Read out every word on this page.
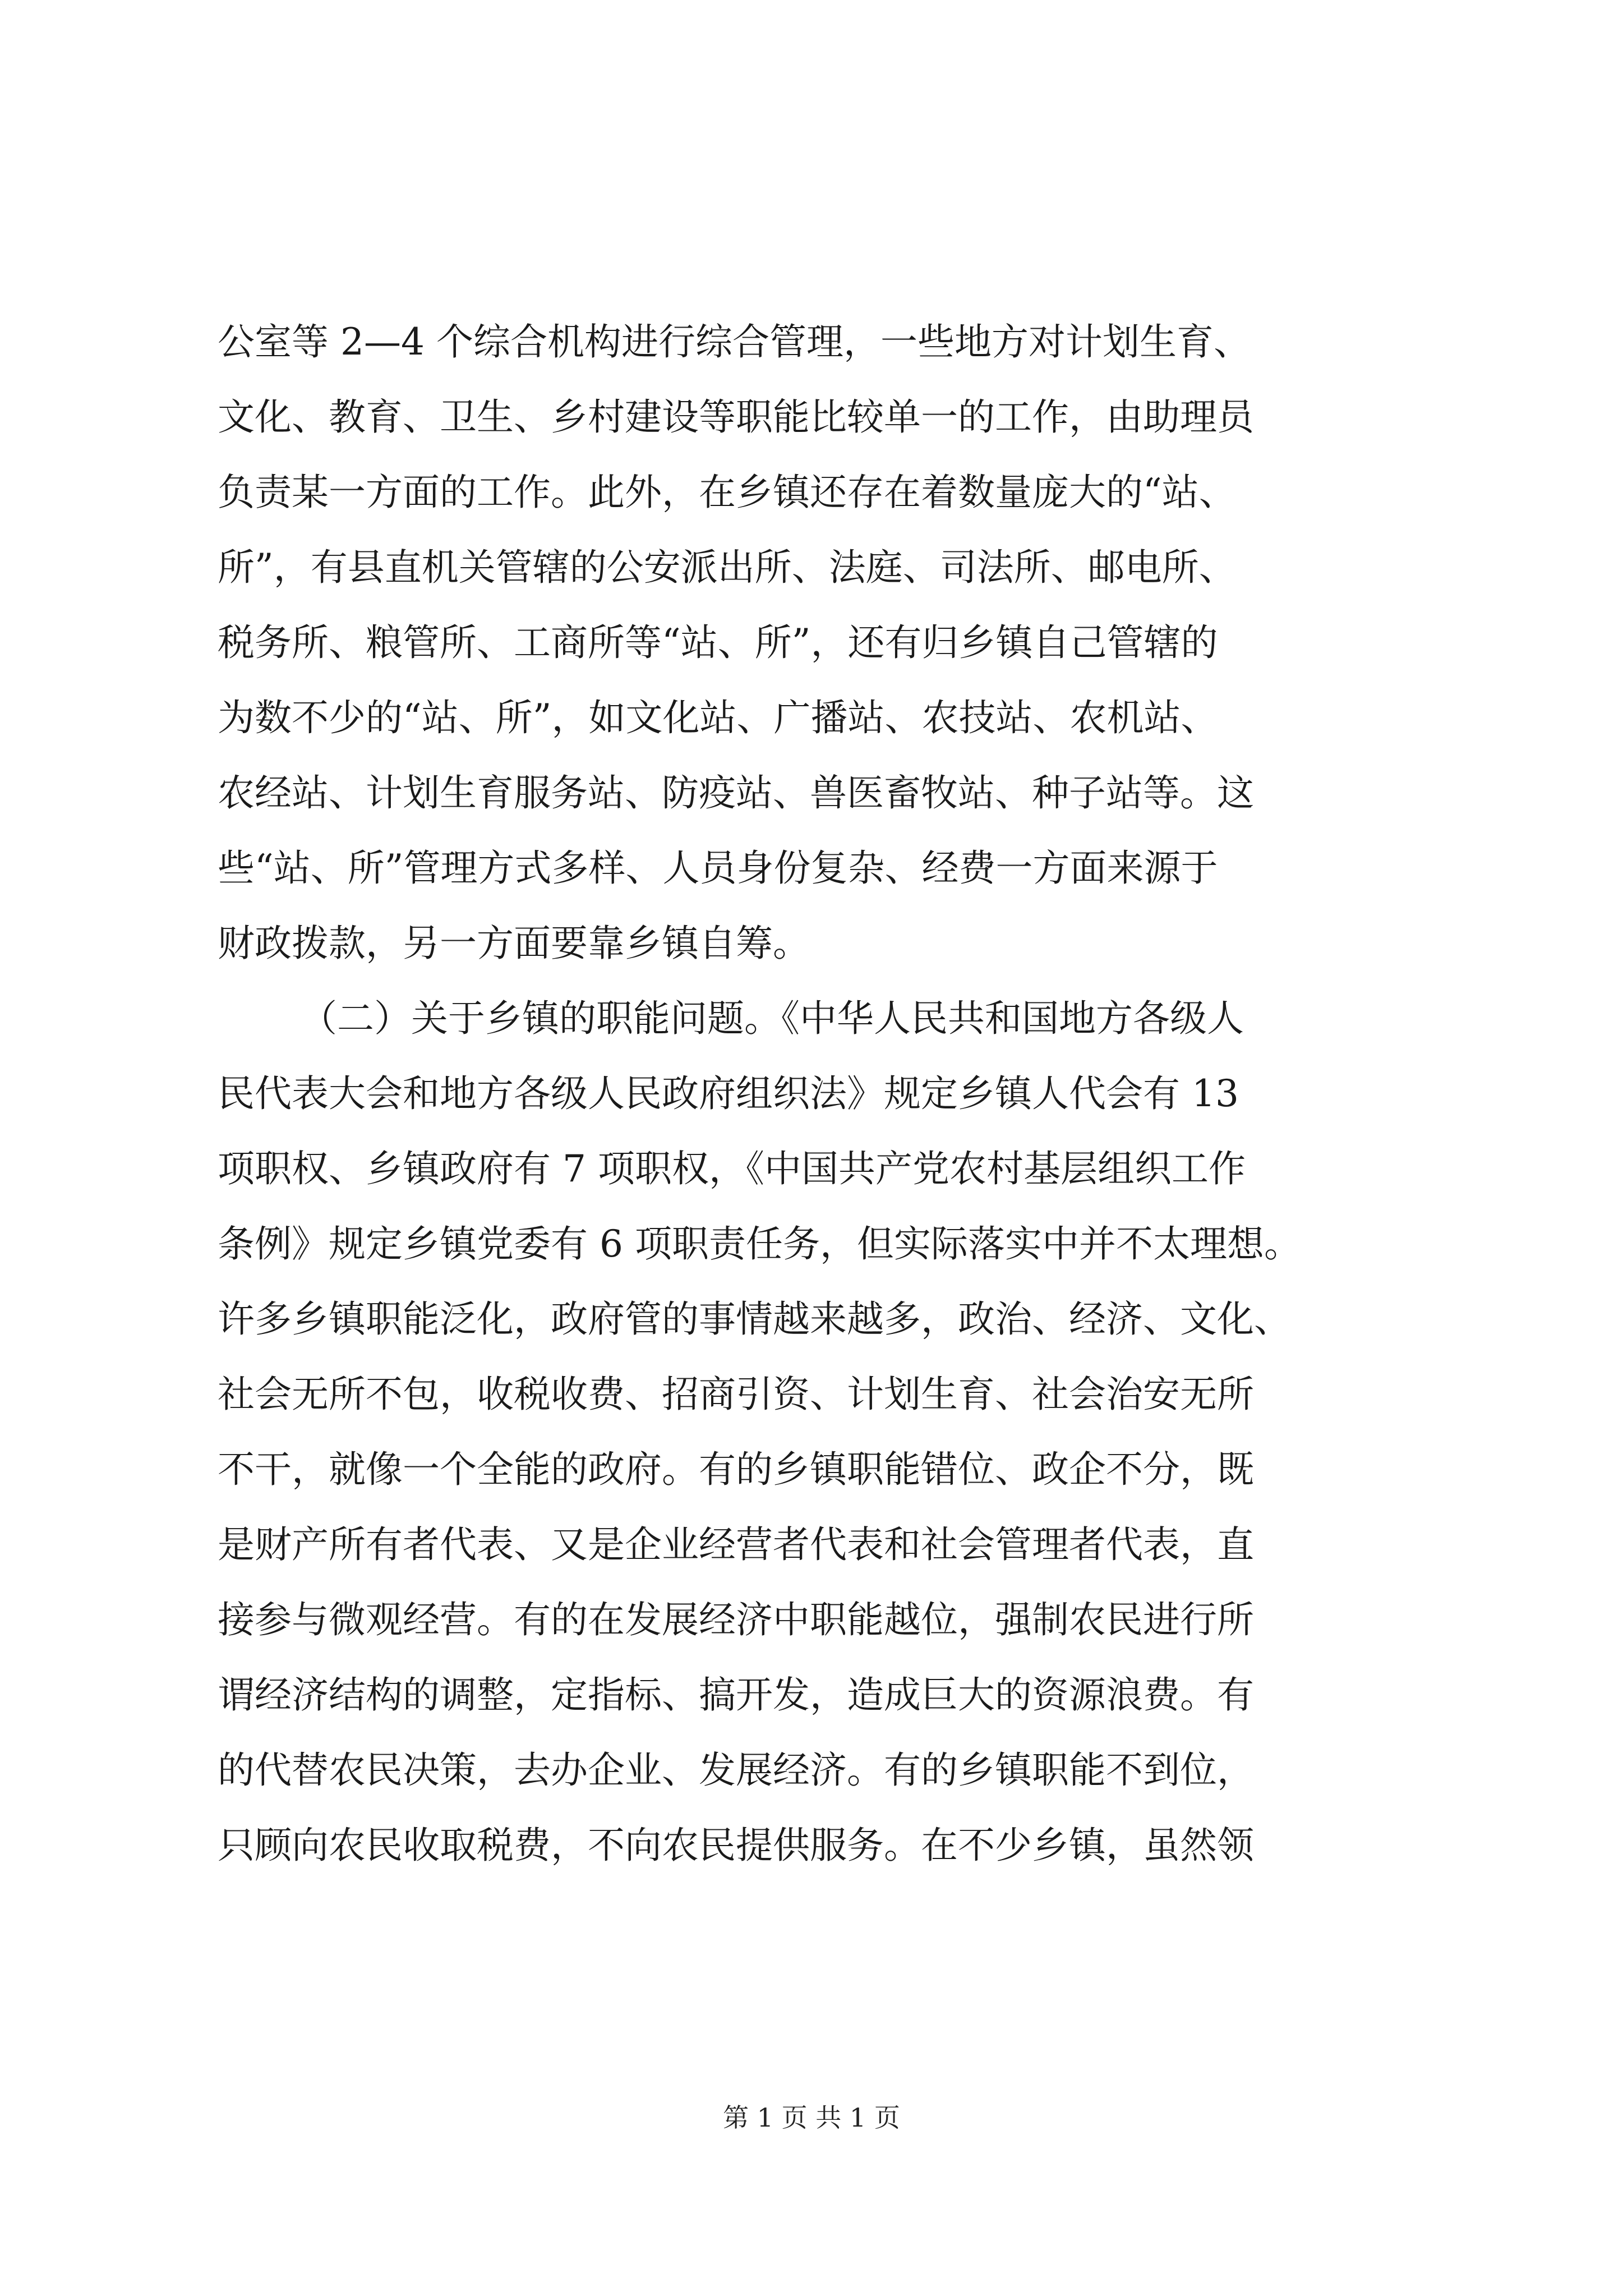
公室等 2—4 个综合机构进行综合管理，一些地方对计划生育、
文化、教育、卫生、乡村建设等职能比较单一的工作，由助理员
负责某一方面的工作。此外，在乡镇还存在着数量庞大的“站、
所”，有县直机关管辖的公安派出所、法庭、司法所、邮电所、
税务所、粮管所、工商所等“站、所”，还有归乡镇自己管辖的
为数不少的“站、所”，如文化站、广播站、农技站、农机站、
农经站、计划生育服务站、防疫站、兽医畜牧站、种子站等。这
些“站、所”管理方式多样、人员身份复杂、经费一方面来源于
财政拨款，另一方面要靠乡镇自筹。
（二）关于乡镇的职能问题。《中华人民共和国地方各级人
民代表大会和地方各级人民政府组织法》规定乡镇人代会有 13
项职权、乡镇政府有 7 项职权，《中国共产党农村基层组织工作
条例》规定乡镇党委有 6 项职责任务，但实际落实中并不太理想。
许多乡镇职能泛化，政府管的事情越来越多，政治、经济、文化、
社会无所不包，收税收费、招商引资、计划生育、社会治安无所
不干，就像一个全能的政府。有的乡镇职能错位、政企不分，既
是财产所有者代表、又是企业经营者代表和社会管理者代表，直
接参与微观经营。有的在发展经济中职能越位，强制农民进行所
谓经济结构的调整，定指标、搞开发，造成巨大的资源浪费。有
的代替农民决策，去办企业、发展经济。有的乡镇职能不到位，
只顾向农民收取税费，不向农民提供服务。在不少乡镇，虽然领
第 1 页 共 1 页
